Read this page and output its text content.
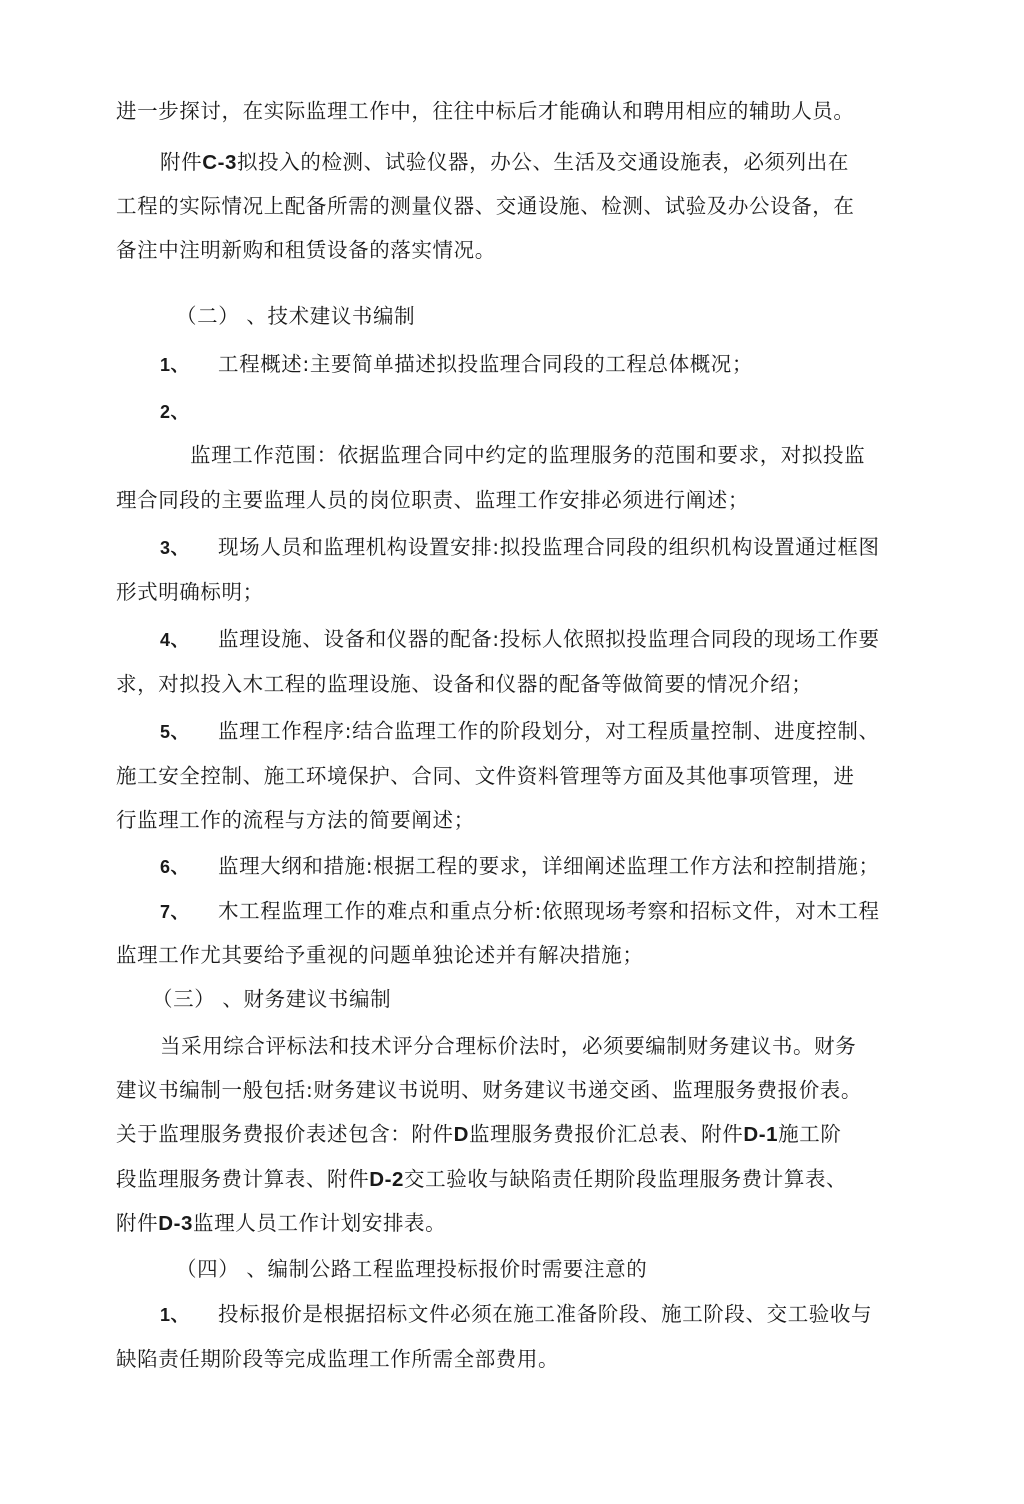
进一步探讨，在实际监理工作中，往往中标后才能确认和聘用相应的辅助人员。

附件C-3拟投入的检测、试验仪器，办公、生活及交通设施表，必须列出在

工程的实际情况上配备所需的测量仪器、交通设施、检测、试验及办公设备，在

备注中注明新购和租赁设备的落实情况。

（二） 、技术建议书编制

1、 工程概述:主要简单描述拟投监理合同段的工程总体概况；

2、

监理工作范围：依据监理合同中约定的监理服务的范围和要求，对拟投监

理合同段的主要监理人员的岗位职责、监理工作安排必须进行阐述；

3、 现场人员和监理机构设置安排:拟投监理合同段的组织机构设置通过框图

形式明确标明；

4、 监理设施、设备和仪器的配备:投标人依照拟投监理合同段的现场工作要

求，对拟投入木工程的监理设施、设备和仪器的配备等做简要的情况介绍；

5、 监理工作程序:结合监理工作的阶段划分，对工程质量控制、进度控制、

施工安全控制、施工环境保护、合同、文件资料管理等方面及其他事项管理，进

行监理工作的流程与方法的简要阐述；

6、 监理大纲和措施:根据工程的要求，详细阐述监理工作方法和控制措施；

7、 木工程监理工作的难点和重点分析:依照现场考察和招标文件，对木工程

监理工作尤其要给予重视的问题单独论述并有解决措施；

（三） 、财务建议书编制

当采用综合评标法和技术评分合理标价法时，必须要编制财务建议书。财务

建议书编制一般包括:财务建议书说明、财务建议书递交函、监理服务费报价表。

关于监理服务费报价表述包含：附件D监理服务费报价汇总表、附件D-1施工阶

段监理服务费计算表、附件D-2交工验收与缺陷责任期阶段监理服务费计算表、

附件D-3监理人员工作计划安排表。

（四） 、编制公路工程监理投标报价时需要注意的

1、 投标报价是根据招标文件必须在施工准备阶段、施工阶段、交工验收与

缺陷责任期阶段等完成监理工作所需全部费用。
